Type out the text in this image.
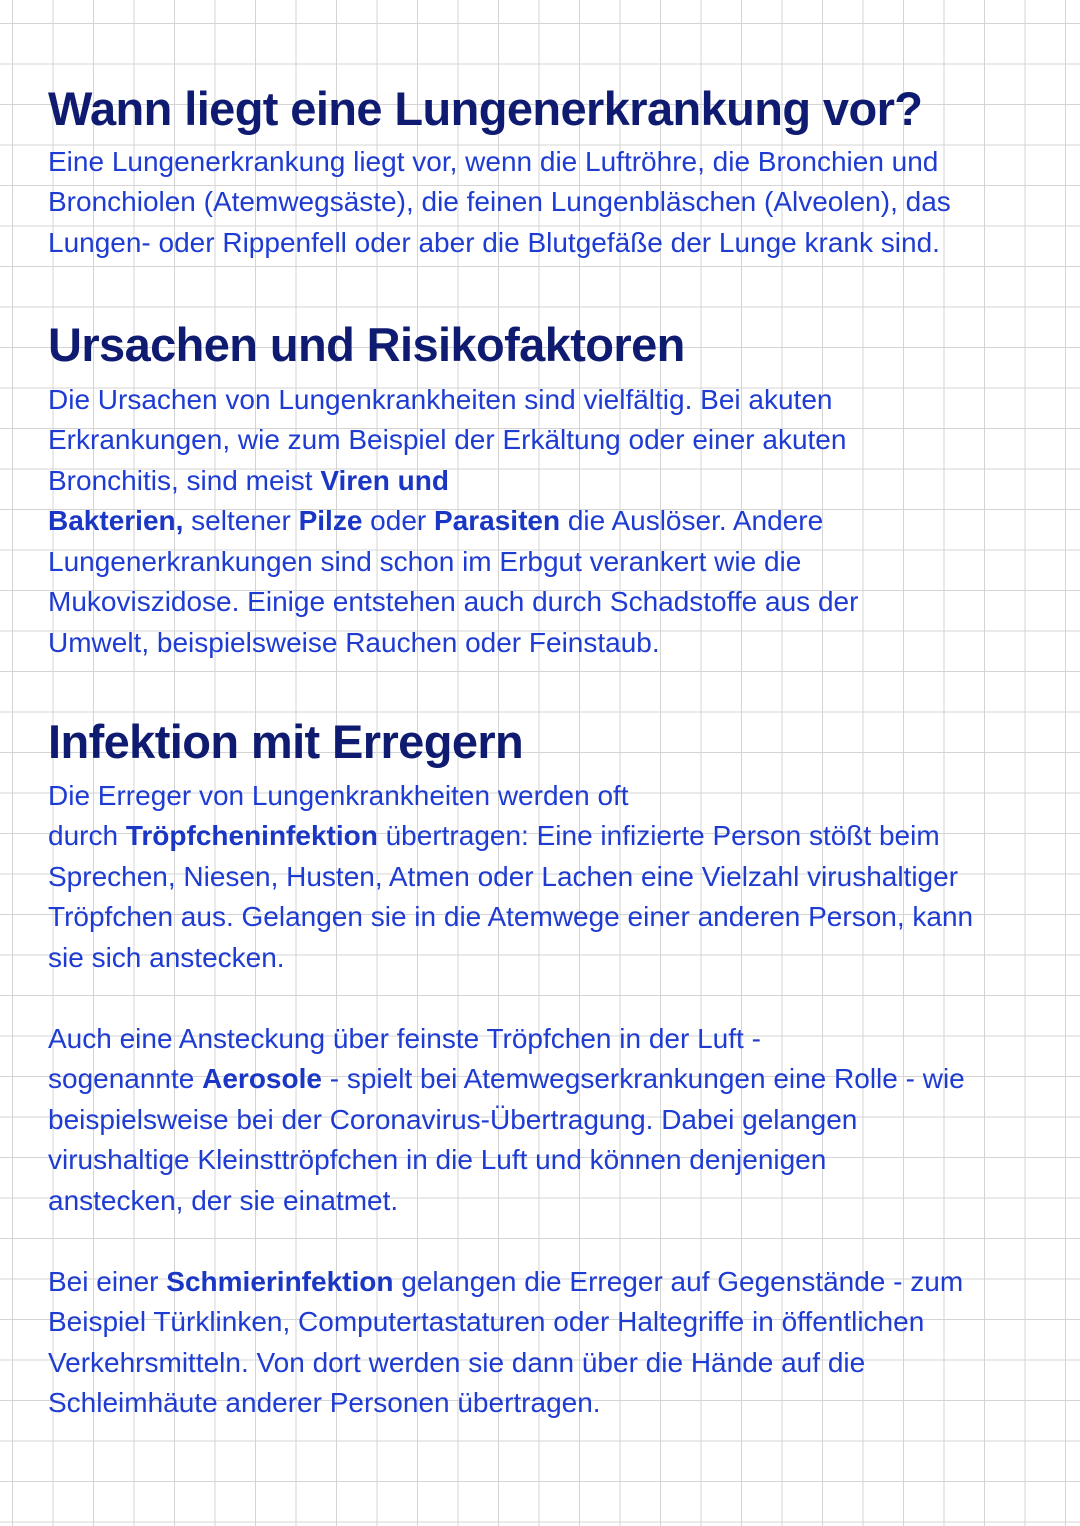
Wann liegt eine Lungenerkrankung vor?

Eine Lungenerkrankung liegt vor, wenn die Luftröhre, die Bronchien und

Bronchiolen (Atemwegsäste), die feinen Lungenbläschen (Alveolen), das

Lungen- oder Rippenfell oder aber die Blutgefäße der Lunge krank sind.

Ursachen und Risikofaktoren

Die Ursachen von Lungenkrankheiten sind vielfältig. Bei akuten

Erkrankungen, wie zum Beispiel der Erkältung oder einer akuten

Bronchitis, sind meist Viren und

Bakterien, seltener Pilze oder Parasiten die Auslöser. Andere

Lungenerkrankungen sind schon im Erbgut verankert wie die

Mukoviszidose. Einige entstehen auch durch Schadstoffe aus der

Umwelt, beispielsweise Rauchen oder Feinstaub.

Infektion mit Erregern

Die Erreger von Lungenkrankheiten werden oft

durch Tröpfcheninfektion übertragen: Eine infizierte Person stößt beim

Sprechen, Niesen, Husten, Atmen oder Lachen eine Vielzahl virushaltiger

Tröpfchen aus. Gelangen sie in die Atemwege einer anderen Person, kann

sie sich anstecken.

Auch eine Ansteckung über feinste Tröpfchen in der Luft -

sogenannte Aerosole - spielt bei Atemwegserkrankungen eine Rolle - wie

beispielsweise bei der Coronavirus-Übertragung. Dabei gelangen

virushaltige Kleinsttröpfchen in die Luft und können denjenigen

anstecken, der sie einatmet.

Bei einer Schmierinfektion gelangen die Erreger auf Gegenstände - zum

Beispiel Türklinken, Computertastaturen oder Haltegriffe in öffentlichen

Verkehrsmitteln. Von dort werden sie dann über die Hände auf die

Schleimhäute anderer Personen übertragen.
